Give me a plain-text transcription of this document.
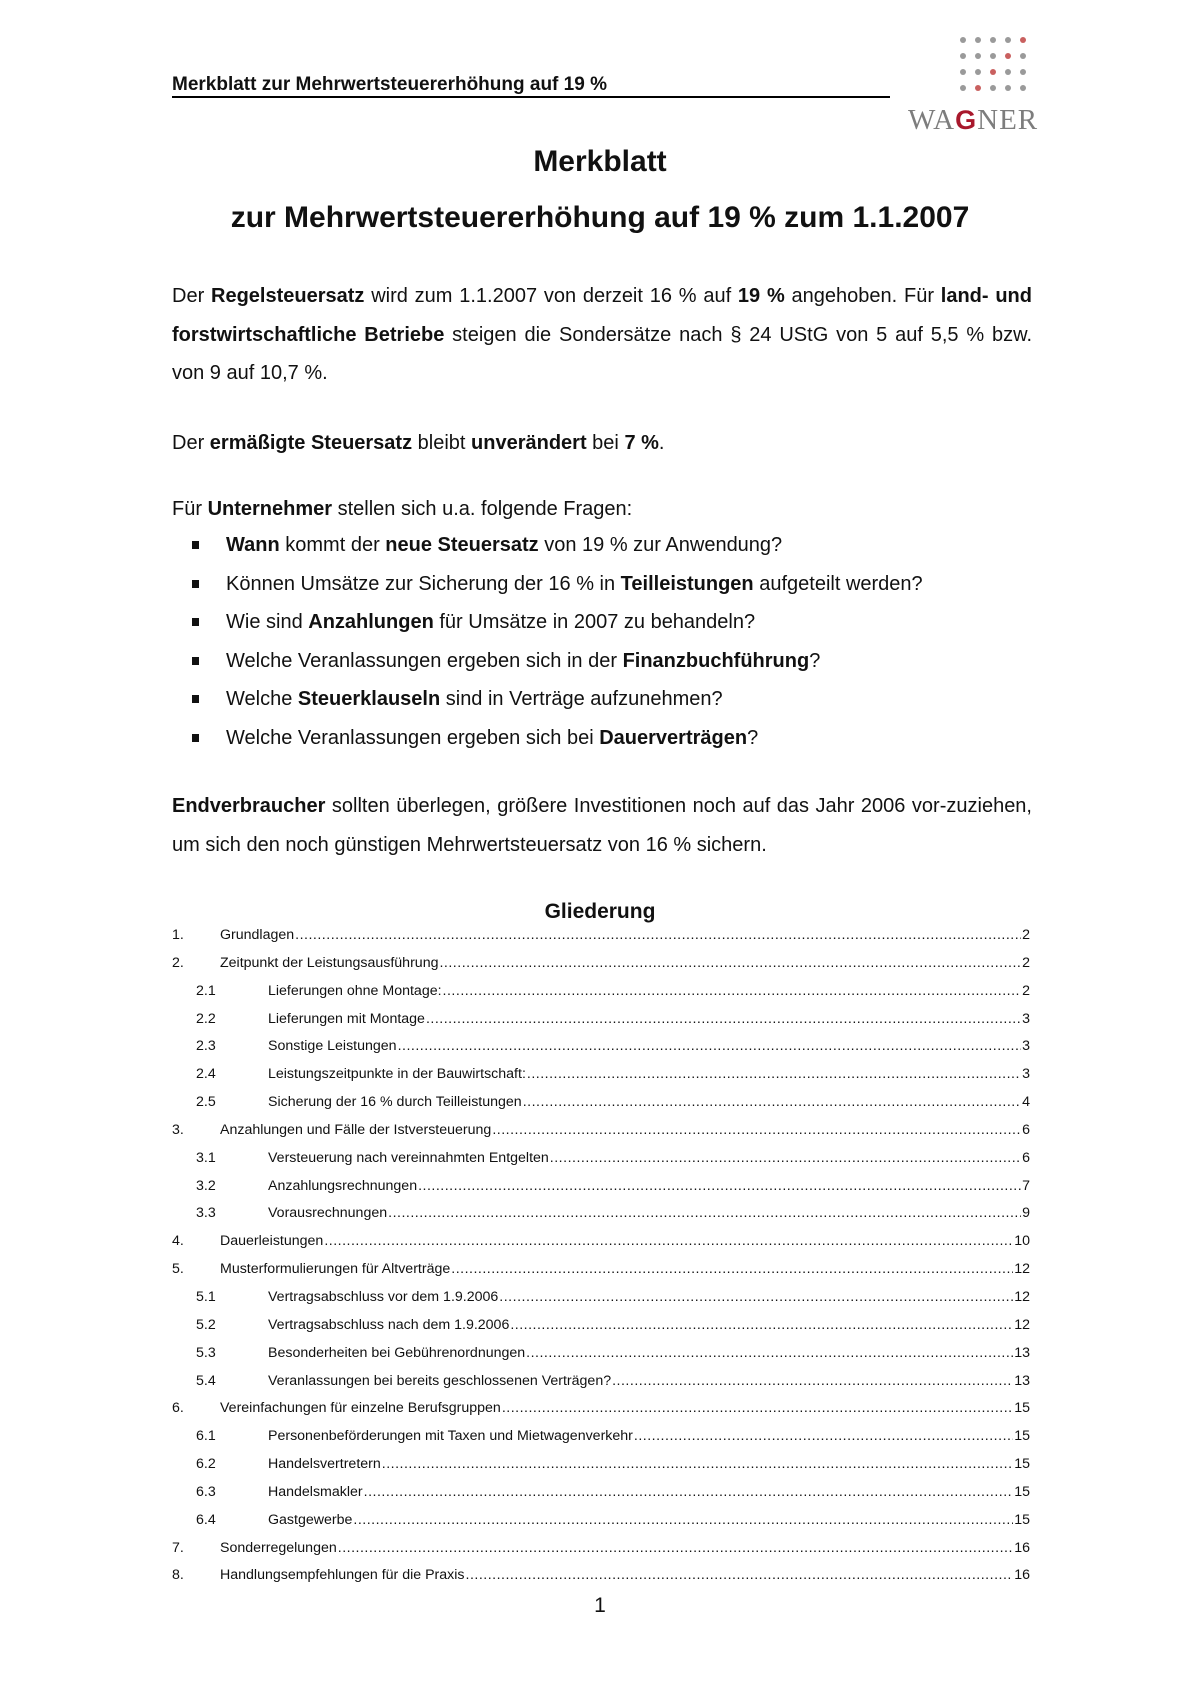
Merkblatt zur Mehrwertsteuererhöhung auf 19 %
WAGNER
Merkblatt
zur Mehrwertsteuererhöhung auf 19 % zum 1.1.2007
Der Regelsteuersatz wird zum 1.1.2007 von derzeit 16 % auf 19 % angehoben. Für land- und forstwirtschaftliche Betriebe steigen die Sondersätze nach § 24 UStG von 5 auf 5,5 % bzw. von 9 auf 10,7 %.
Der ermäßigte Steuersatz bleibt unverändert bei 7 %.
Für Unternehmer stellen sich u.a. folgende Fragen:
Wann kommt der neue Steuersatz von 19 % zur Anwendung?
Können Umsätze zur Sicherung der 16 % in Teilleistungen aufgeteilt werden?
Wie sind Anzahlungen für Umsätze in 2007 zu behandeln?
Welche Veranlassungen ergeben sich in der Finanzbuchführung?
Welche Steuerklauseln sind in Verträge aufzunehmen?
Welche Veranlassungen ergeben sich bei Dauerverträgen?
Endverbraucher sollten überlegen, größere Investitionen noch auf das Jahr 2006 vor-zuziehen, um sich den noch günstigen Mehrwertsteuersatz von 16 % sichern.
Gliederung
1.	Grundlagen .....	2
2.	Zeitpunkt der Leistungsausführung .....	2
2.1	Lieferungen ohne Montage: .....	2
2.2	Lieferungen mit Montage .....	3
2.3	Sonstige Leistungen .....	3
2.4	Leistungszeitpunkte in der Bauwirtschaft: .....	3
2.5	Sicherung der 16 % durch Teilleistungen .....	4
3.	Anzahlungen und Fälle der Istversteuerung .....	6
3.1	Versteuerung nach vereinnahmten Entgelten .....	6
3.2	Anzahlungsrechnungen .....	7
3.3	Vorausrechnungen .....	9
4.	Dauerleistungen .....	10
5.	Musterformulierungen für Altverträge .....	12
5.1	Vertragsabschluss vor dem 1.9.2006 .....	12
5.2	Vertragsabschluss nach dem 1.9.2006 .....	12
5.3	Besonderheiten bei Gebührenordnungen .....	13
5.4	Veranlassungen bei bereits geschlossenen Verträgen? .....	13
6.	Vereinfachungen für einzelne Berufsgruppen .....	15
6.1	Personenbeförderungen mit Taxen und Mietwagenverkehr .....	15
6.2	Handelsvertretern .....	15
6.3	Handelsmakler .....	15
6.4	Gastgewerbe .....	15
7.	Sonderregelungen .....	16
8.	Handlungsempfehlungen für die Praxis .....	16
1
